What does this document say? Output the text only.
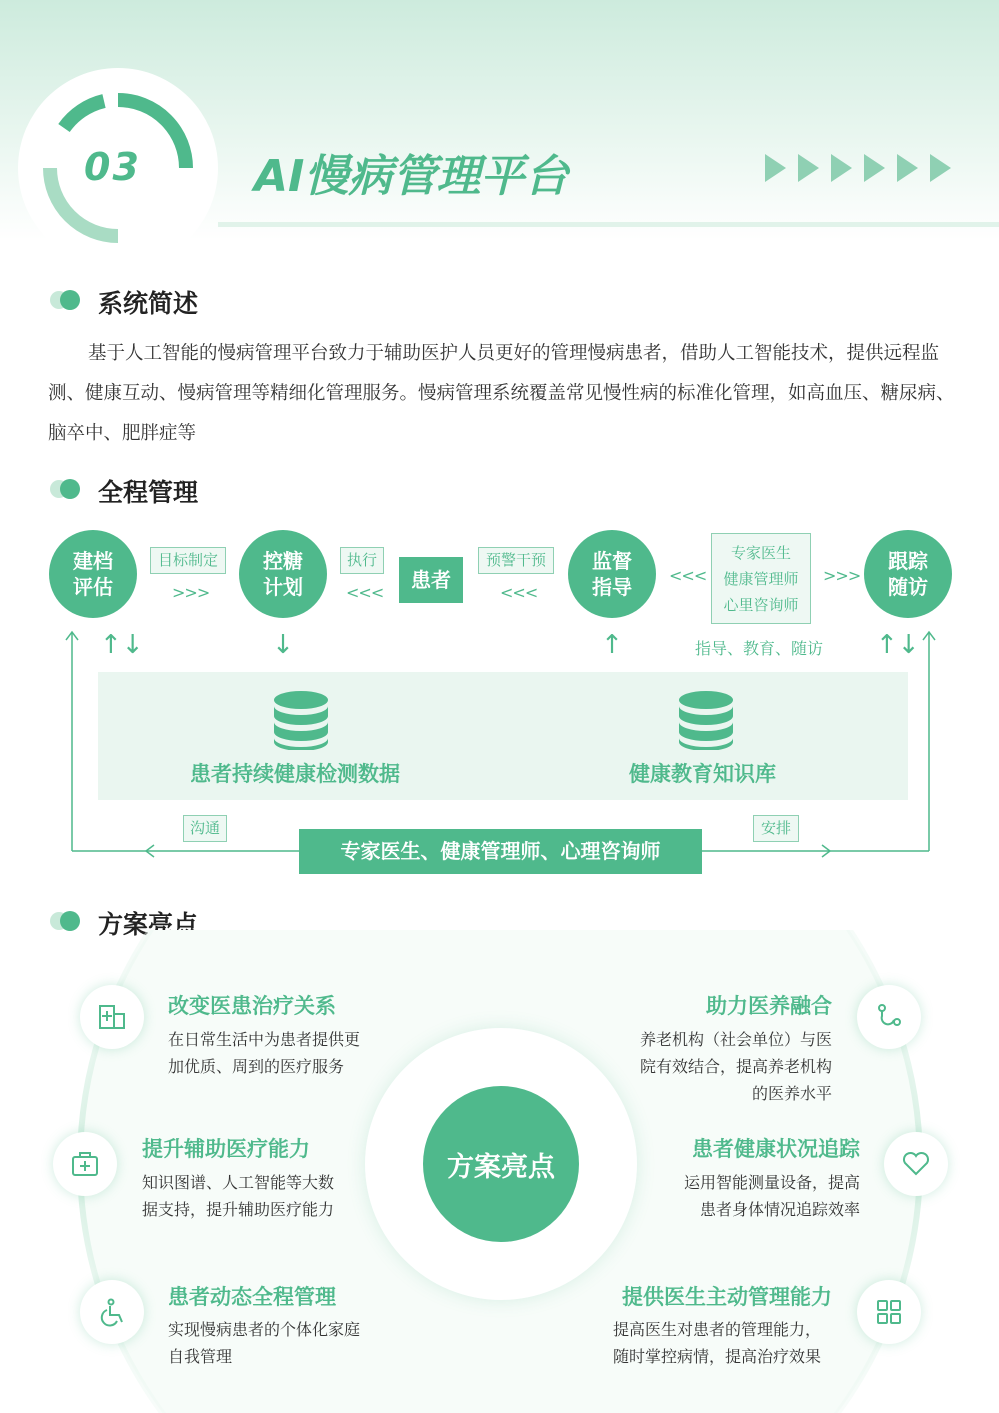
03	AI慢病管理平台
系统简述
基于人工智能的慢病管理平台致力于辅助医护人员更好的管理慢病患者，借助人工智能技术，提供远程监测、健康互动、慢病管理等精细化管理服务。慢病管理系统覆盖常见慢性病的标准化管理，如高血压、糖尿病、脑卒中、肥胖症等
全程管理
建档
评估
控糖
计划
监督
指导
跟踪
随访
目标制定
>>>
执行
<<<
患者
预警干预
<<<
<<<
专家医生
健康管理师
心里咨询师
>>>
指导、教育、随访
↑↓	↓	↑	↑↓
患者持续健康检测数据	健康教育知识库
沟通	安排
专家医生、健康管理师、心理咨询师
方案亮点
方案亮点
改变医患治疗关系
在日常生活中为患者提供更
加优质、周到的医疗服务
提升辅助医疗能力
知识图谱、人工智能等大数
据支持，提升辅助医疗能力
患者动态全程管理
实现慢病患者的个体化家庭
自我管理
助力医养融合
养老机构（社会单位）与医
院有效结合，提高养老机构
的医养水平
患者健康状况追踪
运用智能测量设备，提高
患者身体情况追踪效率
提供医生主动管理能力
提高医生对患者的管理能力，
随时掌控病情，提高治疗效果
